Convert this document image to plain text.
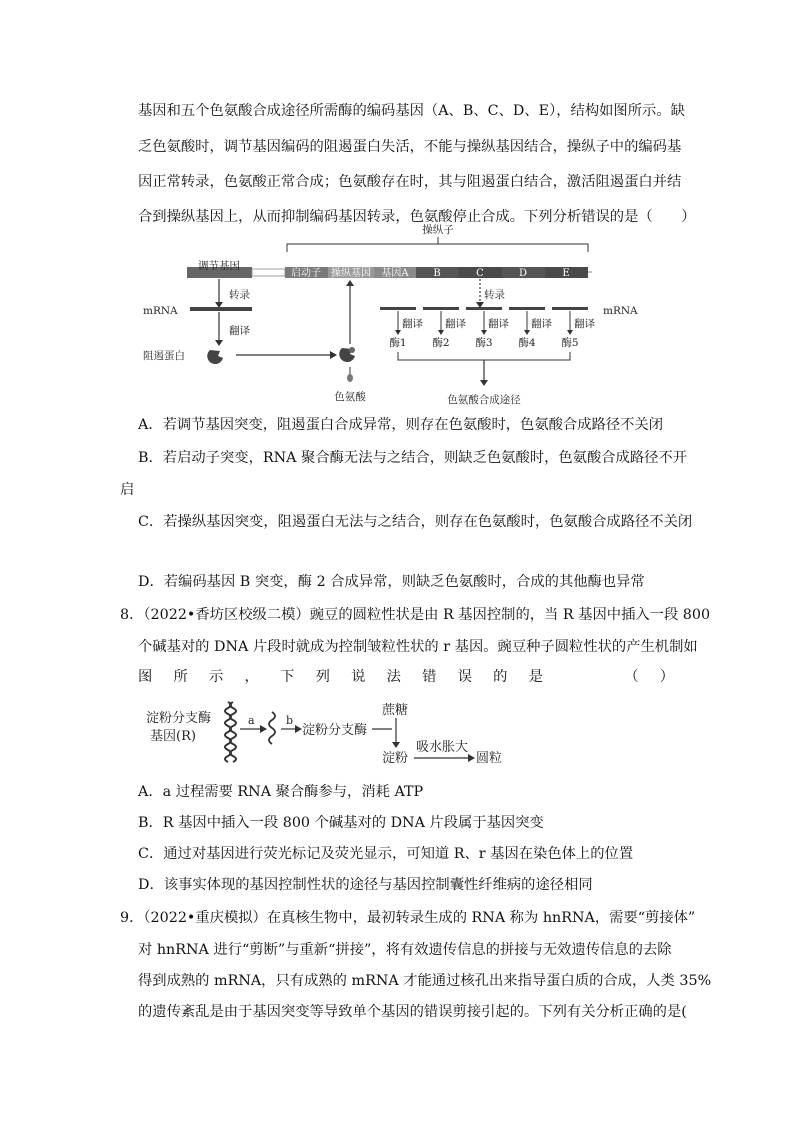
基因和五个色氨酸合成途径所需酶的编码基因（A、B、C、D、E），结构如图所示。缺
乏色氨酸时，调节基因编码的阻遏蛋白失活，不能与操纵基因结合，操纵子中的编码基
因正常转录，色氨酸正常合成；色氨酸存在时，其与阻遏蛋白结合，激活阻遏蛋白并结
合到操纵基因上，从而抑制编码基因转录，色氨酸停止合成。下列分析错误的是（　　）
操纵子
调节基因
启动子 操纵基因 基因A B	C	D	E
转录
mRNA
翻译
阻遏蛋白
色氨酸
转录
mRNA
翻译 翻译 翻译 翻译 翻译
酶1 酶2 酶3 酶4 酶5
色氨酸合成途径
A．若调节基因突变，阻遏蛋白合成异常，则存在色氨酸时，色氨酸合成路径不关闭
B．若启动子突变，RNA 聚合酶无法与之结合，则缺乏色氨酸时，色氨酸合成路径不开
启
C．若操纵基因突变，阻遏蛋白无法与之结合，则存在色氨酸时，色氨酸合成路径不关闭
D．若编码基因 B 突变，酶 2 合成异常，则缺乏色氨酸时，合成的其他酶也异常
8．（2022•香坊区校级二模）豌豆的圆粒性状是由 R 基因控制的，当 R 基因中插入一段 800
个碱基对的 DNA 片段时就成为控制皱粒性状的 r 基因。豌豆种子圆粒性状的产生机制如
图 所 示 ， 下 列 说 法 错 误 的 是	（ ）
淀粉分支酶
基因(R)
a	b
淀粉分支酶
蔗糖
淀粉
吸水胀大
圆粒
A．a 过程需要 RNA 聚合酶参与，消耗 ATP
B．R 基因中插入一段 800 个碱基对的 DNA 片段属于基因突变
C．通过对基因进行荧光标记及荧光显示，可知道 R、r 基因在染色体上的位置
D．该事实体现的基因控制性状的途径与基因控制囊性纤维病的途径相同
9．（2022•重庆模拟）在真核生物中，最初转录生成的 RNA 称为 hnRNA，需要“剪接体”
对 hnRNA 进行“剪断”与重新“拼接”，将有效遗传信息的拼接与无效遗传信息的去除
得到成熟的 mRNA，只有成熟的 mRNA 才能通过核孔出来指导蛋白质的合成，人类 35%
的遗传紊乱是由于基因突变等导致单个基因的错误剪接引起的。下列有关分析正确的是(
